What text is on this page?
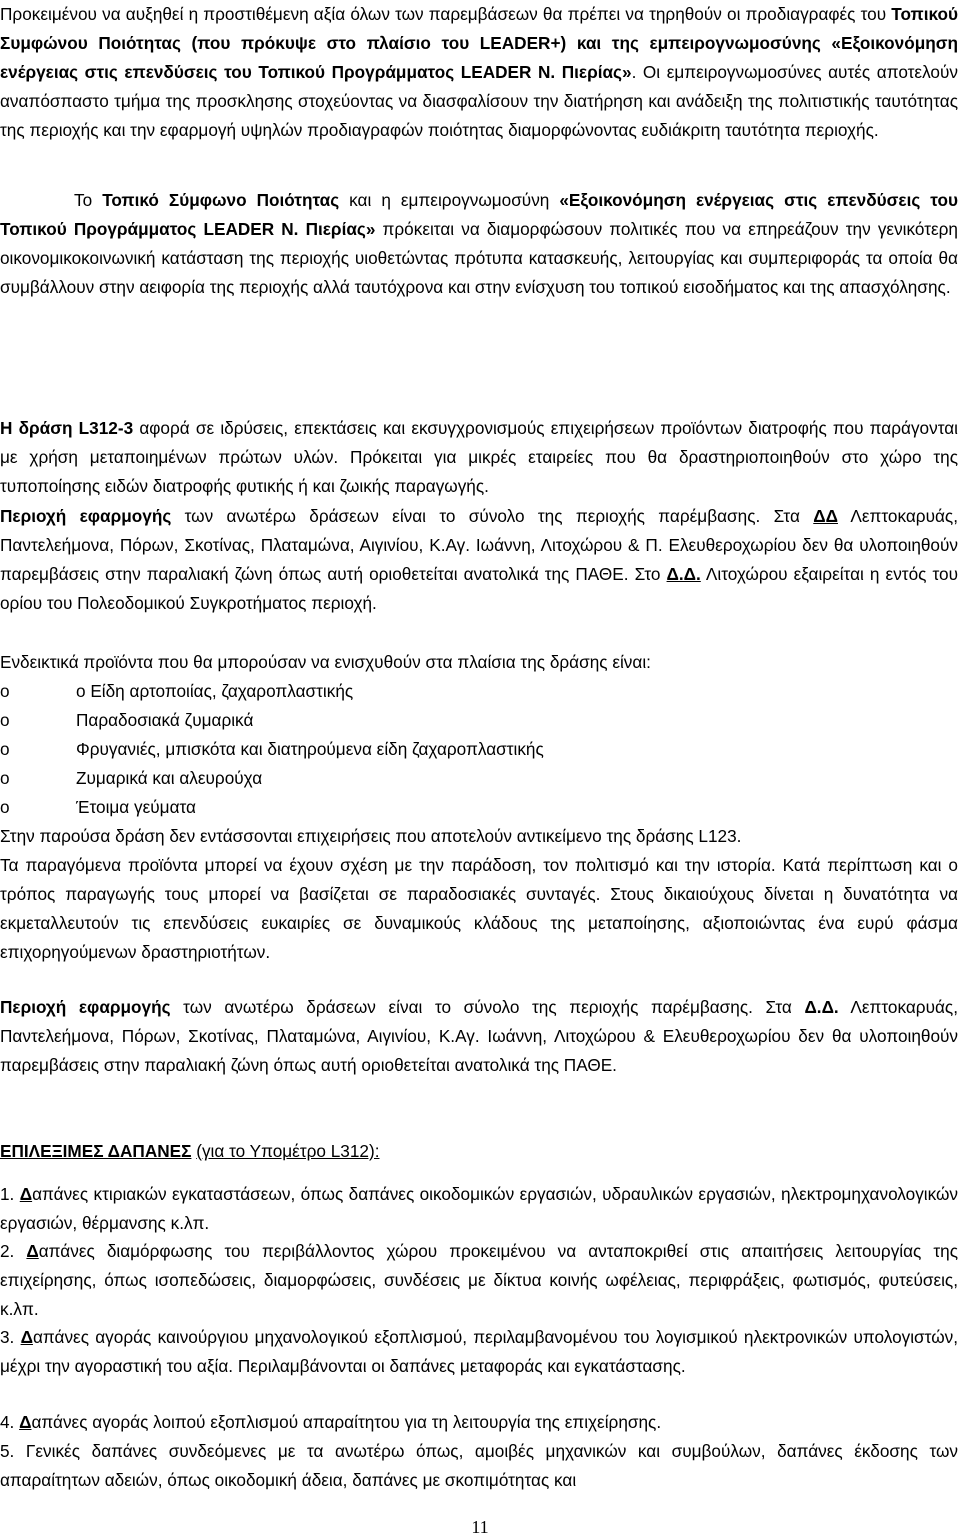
Προκειμένου να αυξηθεί η προστιθέμενη αξία όλων των παρεμβάσεων θα πρέπει να τηρηθούν οι προδιαγραφές του Τοπικού Συμφώνου Ποιότητας (που πρόκυψε στο πλαίσιο του LEADER+) και της εμπειρογνωμοσύνης «Εξοικονόμηση ενέργειας στις επενδύσεις του Τοπικού Προγράμματος LEADER Ν. Πιερίας». Οι εμπειρογνωμοσύνες αυτές αποτελούν αναπόσπαστο τμήμα της προσκλησης στοχεύοντας να διασφαλίσουν την διατήρηση και ανάδειξη της πολιτιστικής ταυτότητας της περιοχής και την εφαρμογή υψηλών προδιαγραφών ποιότητας διαμορφώνοντας ευδιάκριτη ταυτότητα περιοχής.

Το Τοπικό Σύμφωνο Ποιότητας και η εμπειρογνωμοσύνη «Εξοικονόμηση ενέργειας στις επενδύσεις του Τοπικού Προγράμματος LEADER Ν. Πιερίας» πρόκειται να διαμορφώσουν πολιτικές που να επηρεάζουν την γενικότερη οικονομικοκοινωνική κατάσταση της περιοχής υιοθετώντας πρότυπα κατασκευής, λειτουργίας και συμπεριφοράς τα οποία θα συμβάλλουν στην αειφορία της περιοχής αλλά ταυτόχρονα και στην ενίσχυση του τοπικού εισοδήματος και της απασχόλησης.

Η δράση L312-3 αφορά σε ιδρύσεις, επεκτάσεις και εκσυγχρονισμούς επιχειρήσεων προϊόντων διατροφής που παράγονται με χρήση μεταποιημένων πρώτων υλών. Πρόκειται για μικρές εταιρείες που θα δραστηριοποιηθούν στο χώρο της τυποποίησης ειδών διατροφής φυτικής ή και ζωικής παραγωγής.

Περιοχή εφαρμογής των ανωτέρω δράσεων είναι το σύνολο της περιοχής παρέμβασης. Στα ΔΔ Λεπτοκαρυάς, Παντελεήμονα, Πόρων, Σκοτίνας, Πλαταμώνα, Αιγινίου, Κ.Αγ. Ιωάννη, Λιτοχώρου & Π. Ελευθεροχωρίου δεν θα υλοποιηθούν παρεμβάσεις στην παραλιακή ζώνη όπως αυτή οριοθετείται ανατολικά της ΠΑΘΕ. Στο Δ.Δ. Λιτοχώρου εξαιρείται η εντός του ορίου του Πολεοδομικού Συγκροτήματος περιοχή.

Ενδεικτικά προϊόντα που θα μπορούσαν να ενισχυθούν στα πλαίσια της δράσης είναι:

o	ο Είδη αρτοποιίας, ζαχαροπλαστικής
o	Παραδοσιακά ζυμαρικά
o	Φρυγανιές, μπισκότα και διατηρούμενα είδη ζαχαροπλαστικής
o	Ζυμαρικά και αλευρούχα
o	Έτοιμα γεύματα

Στην παρούσα δράση δεν εντάσσονται επιχειρήσεις που αποτελούν αντικείμενο της δράσης L123.

Τα παραγόμενα προϊόντα μπορεί να έχουν σχέση με την παράδοση, τον πολιτισμό και την ιστορία. Κατά περίπτωση και ο τρόπος παραγωγής τους μπορεί να βασίζεται σε παραδοσιακές συνταγές. Στους δικαιούχους δίνεται η δυνατότητα να εκμεταλλευτούν τις επενδύσεις ευκαιρίες σε δυναμικούς κλάδους της μεταποίησης, αξιοποιώντας ένα ευρύ φάσμα επιχορηγούμενων δραστηριοτήτων.

Περιοχή εφαρμογής των ανωτέρω δράσεων είναι το σύνολο της περιοχής παρέμβασης. Στα Δ.Δ. Λεπτοκαρυάς, Παντελεήμονα, Πόρων, Σκοτίνας, Πλαταμώνα, Αιγινίου, Κ.Αγ. Ιωάννη, Λιτοχώρου & Ελευθεροχωρίου δεν θα υλοποιηθούν παρεμβάσεις στην παραλιακή ζώνη όπως αυτή οριοθετείται ανατολικά της ΠΑΘΕ.

ΕΠΙΛΕΞΙΜΕΣ ΔΑΠΑΝΕΣ (για το Υπομέτρο L312):

1. Δαπάνες κτιριακών εγκαταστάσεων, όπως δαπάνες οικοδομικών εργασιών, υδραυλικών εργασιών, ηλεκτρομηχανολογικών εργασιών, θέρμανσης κ.λπ.

2. Δαπάνες διαμόρφωσης του περιβάλλοντος χώρου προκειμένου να ανταποκριθεί στις απαιτήσεις λειτουργίας της επιχείρησης, όπως ισοπεδώσεις, διαμορφώσεις, συνδέσεις με δίκτυα κοινής ωφέλειας, περιφράξεις, φωτισμός, φυτεύσεις, κ.λπ.

3. Δαπάνες αγοράς καινούργιου μηχανολογικού εξοπλισμού, περιλαμβανομένου του λογισμικού ηλεκτρονικών υπολογιστών, μέχρι την αγοραστική του αξία. Περιλαμβάνονται οι δαπάνες μεταφοράς και εγκατάστασης.

4. Δαπάνες αγοράς λοιπού εξοπλισμού απαραίτητου για τη λειτουργία της επιχείρησης.

5. Γενικές δαπάνες συνδεόμενες με τα ανωτέρω όπως, αμοιβές μηχανικών και συμβούλων, δαπάνες έκδοσης των απαραίτητων αδειών, όπως οικοδομική άδεια, δαπάνες με σκοπιμότητας και

11
